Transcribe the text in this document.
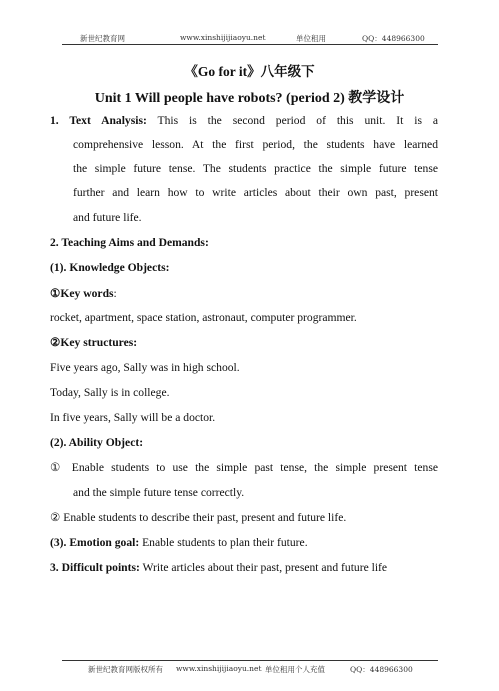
新世纪教育网	www.xinshijijiaoyu.net	单位租用	QQ：448966300
《Go for it》八年级下
Unit 1 Will people have robots? (period 2) 教学设计
1. Text Analysis: This is the second period of this unit. It is a
comprehensive lesson. At the first period, the students have learned
the simple future tense. The students practice the simple future tense
further and learn how to write articles about their own past, present
and future life.
2. Teaching Aims and Demands:
(1). Knowledge Objects:
①Key words:
rocket, apartment, space station, astronaut, computer programmer.
②Key structures:
Five years ago, Sally was in high school.
Today, Sally is in college.
In five years, Sally will be a doctor.
(2). Ability Object:
① Enable students to use the simple past tense, the simple present tense
and the simple future tense correctly.
② Enable students to describe their past, present and future life.
(3). Emotion goal: Enable students to plan their future.
3. Difficult points: Write articles about their past, present and future life
新世纪教育网版权所有 www.xinshijijiaoyu.net 单位租用个人充值	QQ：448966300
